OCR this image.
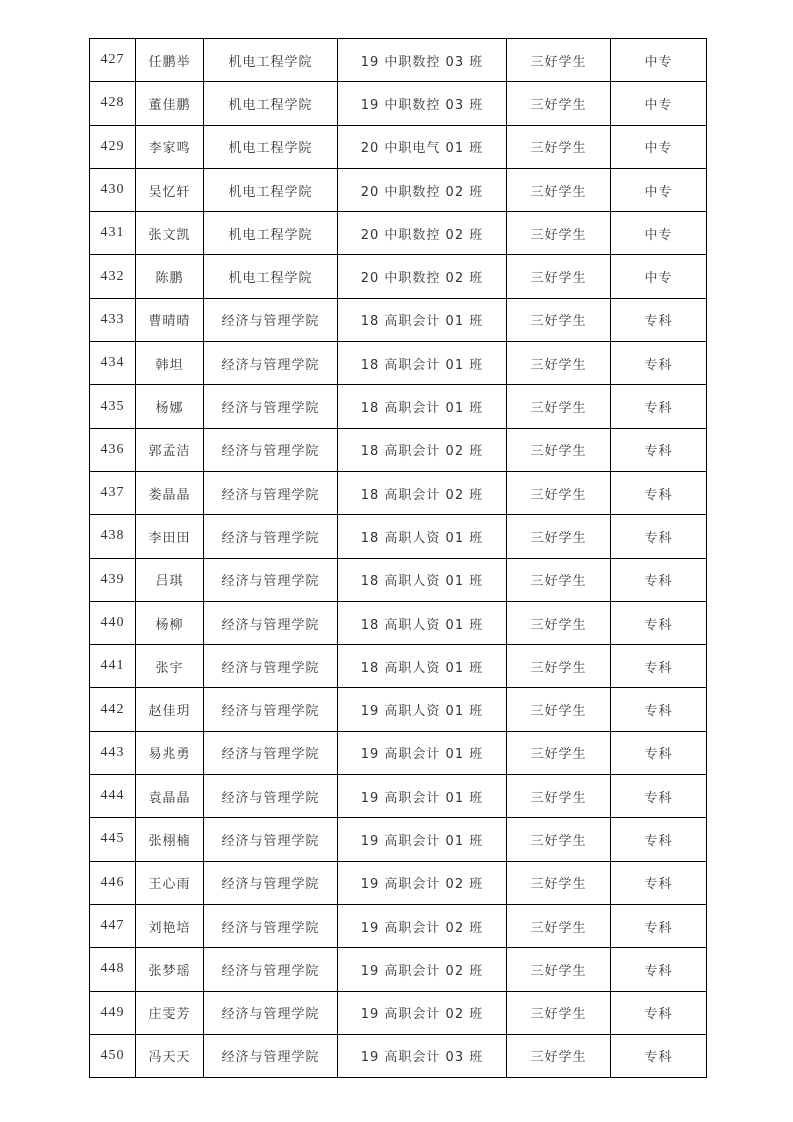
427	任鹏举	机电工程学院	19 中职数控 03 班	三好学生	中专
428	董佳鹏	机电工程学院	19 中职数控 03 班	三好学生	中专
429	李家鸣	机电工程学院	20 中职电气 01 班	三好学生	中专
430	吴忆轩	机电工程学院	20 中职数控 02 班	三好学生	中专
431	张文凯	机电工程学院	20 中职数控 02 班	三好学生	中专
432	陈鹏	机电工程学院	20 中职数控 02 班	三好学生	中专
433	曹晴晴	经济与管理学院	18 高职会计 01 班	三好学生	专科
434	韩坦	经济与管理学院	18 高职会计 01 班	三好学生	专科
435	杨娜	经济与管理学院	18 高职会计 01 班	三好学生	专科
436	郭孟洁	经济与管理学院	18 高职会计 02 班	三好学生	专科
437	娄晶晶	经济与管理学院	18 高职会计 02 班	三好学生	专科
438	李田田	经济与管理学院	18 高职人资 01 班	三好学生	专科
439	吕琪	经济与管理学院	18 高职人资 01 班	三好学生	专科
440	杨柳	经济与管理学院	18 高职人资 01 班	三好学生	专科
441	张宇	经济与管理学院	18 高职人资 01 班	三好学生	专科
442	赵佳玥	经济与管理学院	19 高职人资 01 班	三好学生	专科
443	易兆勇	经济与管理学院	19 高职会计 01 班	三好学生	专科
444	袁晶晶	经济与管理学院	19 高职会计 01 班	三好学生	专科
445	张栩楠	经济与管理学院	19 高职会计 01 班	三好学生	专科
446	王心雨	经济与管理学院	19 高职会计 02 班	三好学生	专科
447	刘艳培	经济与管理学院	19 高职会计 02 班	三好学生	专科
448	张梦瑶	经济与管理学院	19 高职会计 02 班	三好学生	专科
449	庄雯芳	经济与管理学院	19 高职会计 02 班	三好学生	专科
450	冯天天	经济与管理学院	19 高职会计 03 班	三好学生	专科
